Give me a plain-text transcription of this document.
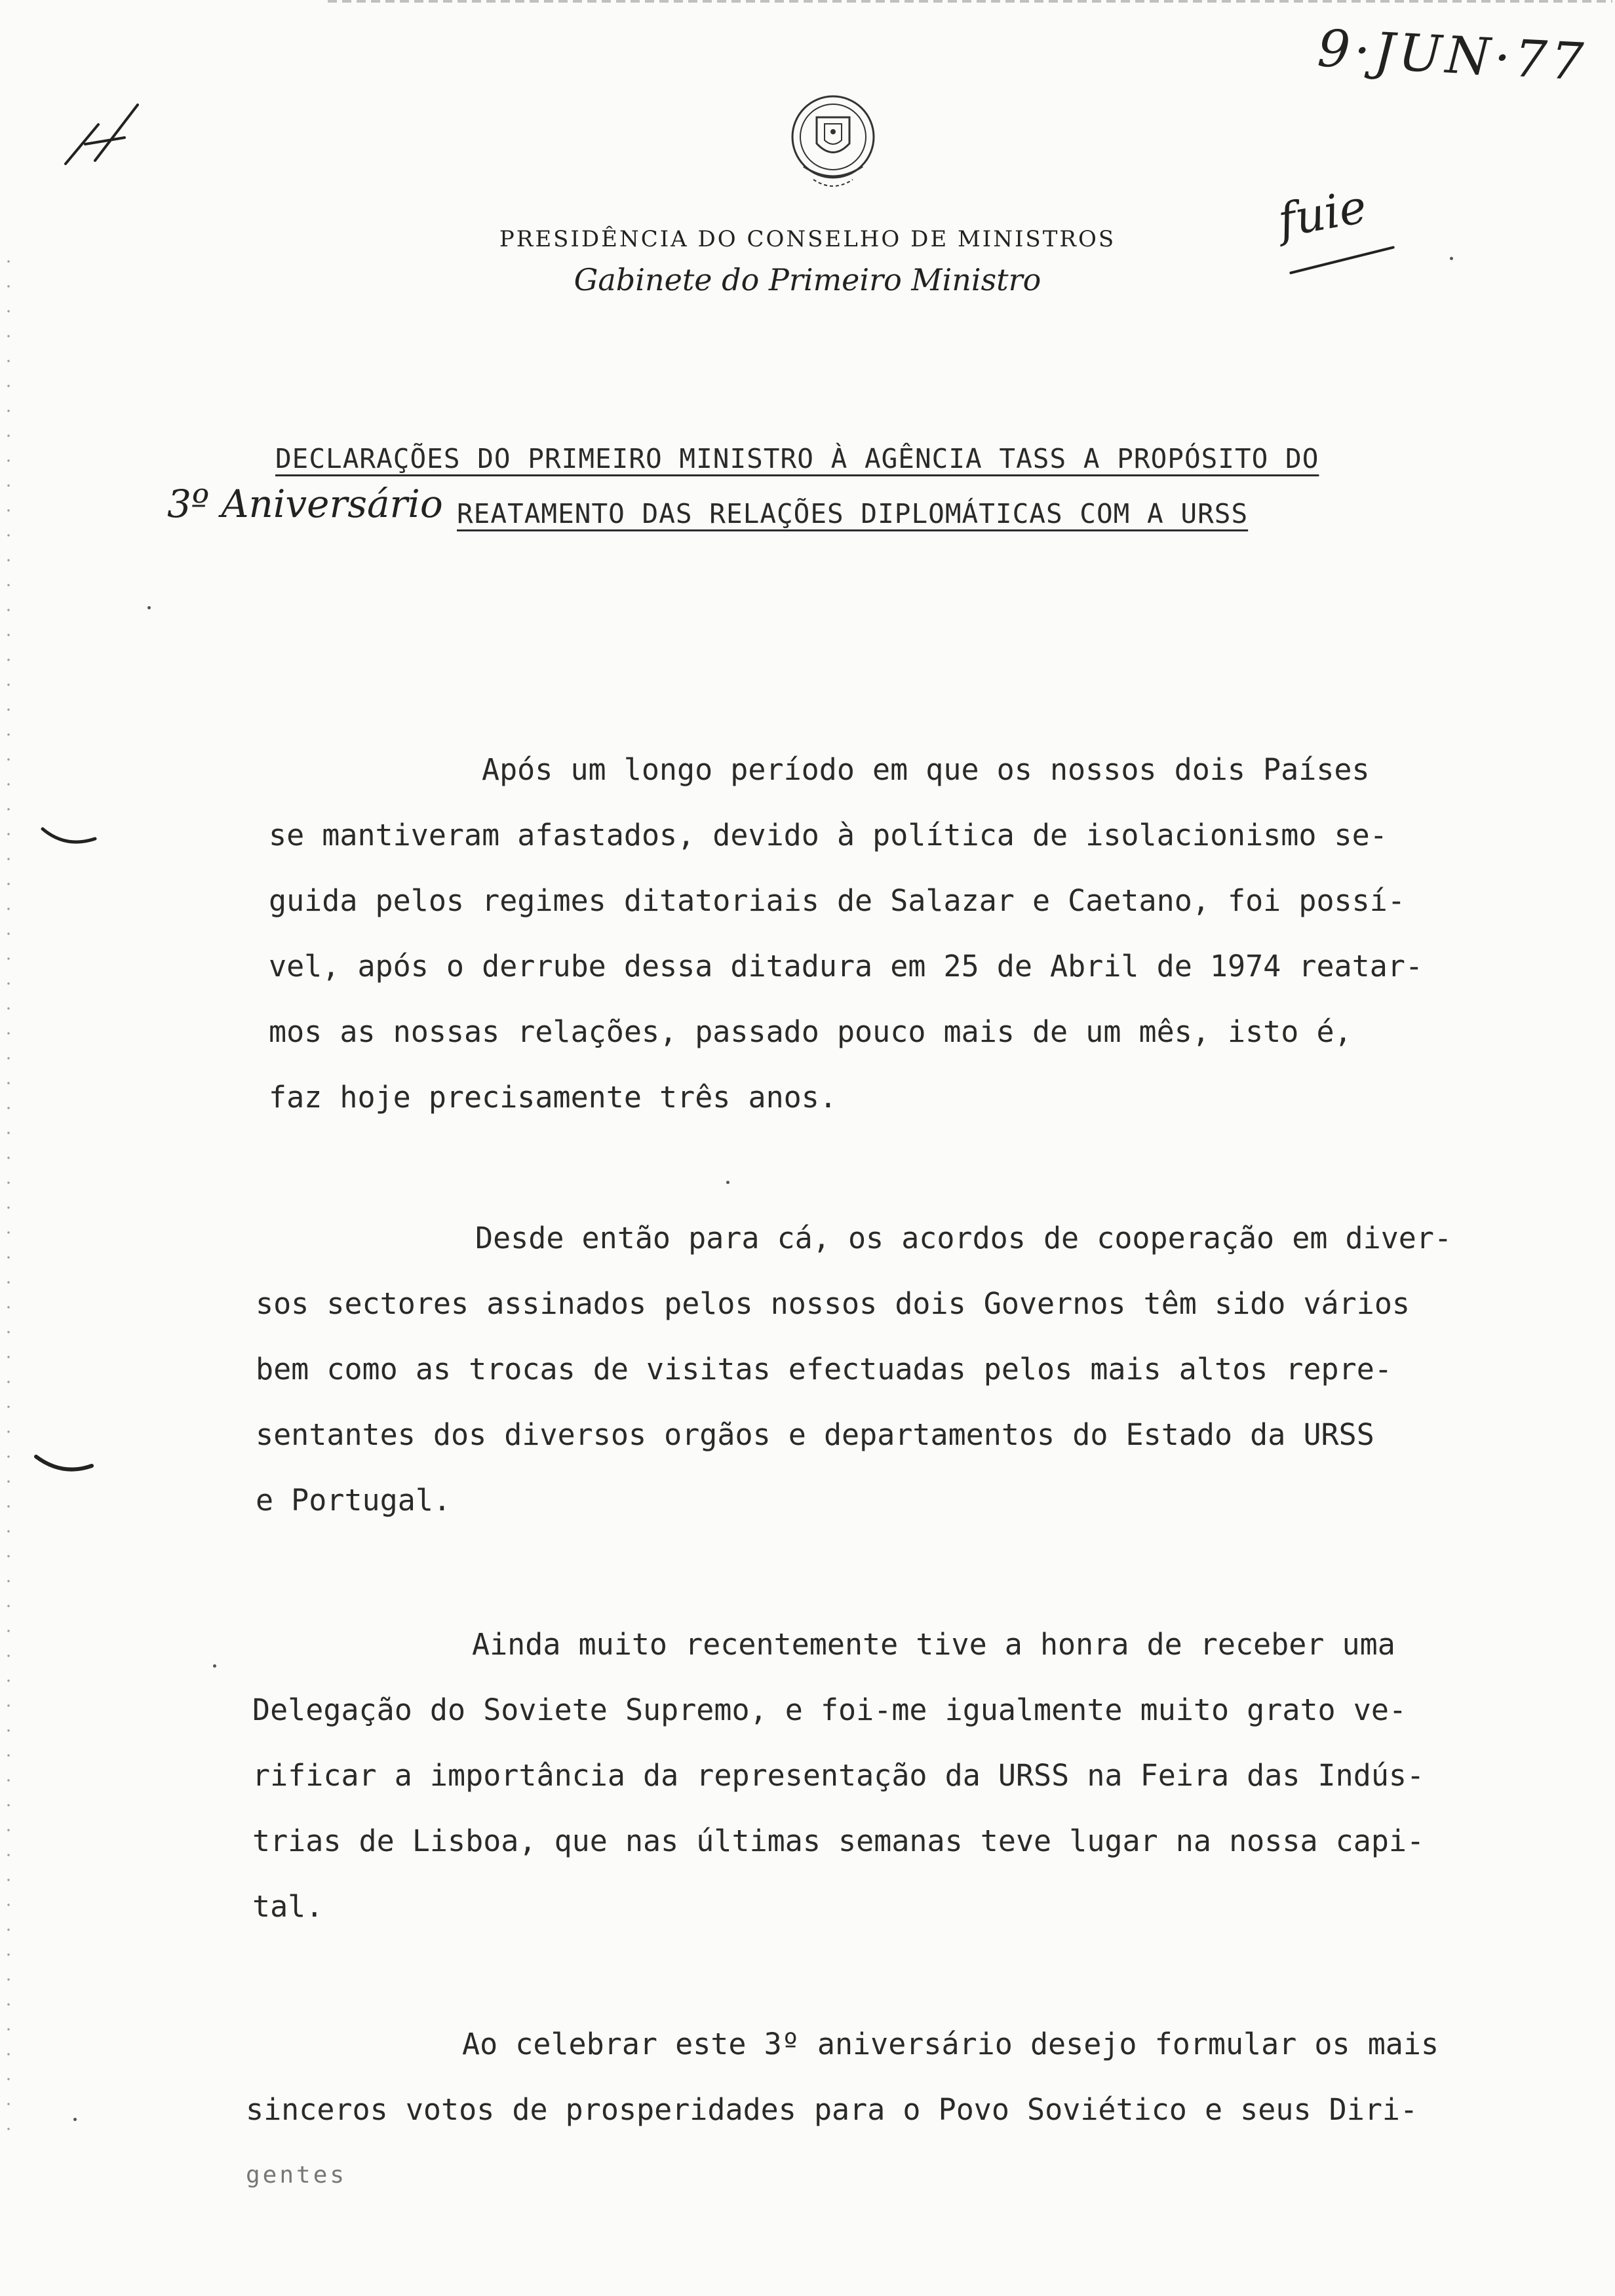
9·JUN·77
fuie
3º Aniversário
PRESIDÊNCIA DO CONSELHO DE MINISTROS
Gabinete do Primeiro Ministro
DECLARAÇÕES DO PRIMEIRO MINISTRO À AGÊNCIA TASS A PROPÓSITO DO
REATAMENTO DAS RELAÇÕES DIPLOMÁTICAS COM A URSS
Após um longo período em que os nossos dois Países
se mantiveram afastados, devido à política de isolacionismo se-
guida pelos regimes ditatoriais de Salazar e Caetano, foi possí-
vel, após o derrube dessa ditadura em 25 de Abril de 1974 reatar-
mos as nossas relações, passado pouco mais de um mês, isto é,
faz hoje precisamente três anos.
Desde então para cá, os acordos de cooperação em diver-
sos sectores assinados pelos nossos dois Governos têm sido vários
bem como as trocas de visitas efectuadas pelos mais altos repre-
sentantes dos diversos orgãos e departamentos do Estado da URSS
e Portugal.
Ainda muito recentemente tive a honra de receber uma
Delegação do Soviete Supremo, e foi-me igualmente muito grato ve-
rificar a importância da representação da URSS na Feira das Indús-
trias de Lisboa, que nas últimas semanas teve lugar na nossa capi-
tal.
Ao celebrar este 3º aniversário desejo formular os mais
sinceros votos de prosperidades para o Povo Soviético e seus Diri-
gentes
